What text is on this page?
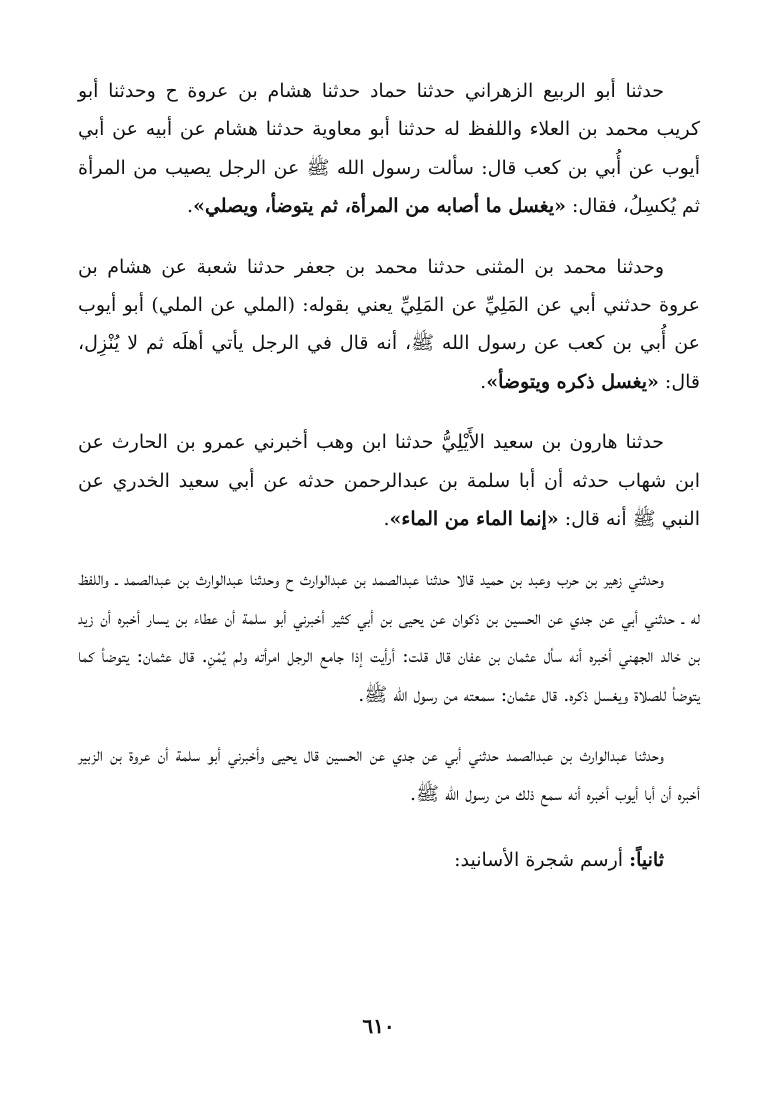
حدثنا أبو الربيع الزهراني حدثنا حماد حدثنا هشام بن عروة ح وحدثنا أبو كريب محمد بن العلاء واللفظ له حدثنا أبو معاوية حدثنا هشام عن أبيه عن أبي أيوب عن أُبي بن كعب قال: سألت رسول الله ﷺ عن الرجل يصيب من المرأة ثم يُكسِلُ، فقال: «يغسل ما أصابه من المرأة، ثم يتوضأ، ويصلي».

وحدثنا محمد بن المثنى حدثنا محمد بن جعفر حدثنا شعبة عن هشام بن عروة حدثني أبي عن المَلِيِّ عن المَلِيِّ يعني بقوله: (الملي عن الملي) أبو أيوب عن أُبي بن كعب عن رسول الله ﷺ، أنه قال في الرجل يأتي أهلَه ثم لا يُنْزِل، قال: «يغسل ذكره ويتوضأ».

حدثنا هارون بن سعيد الأَيْلِيُّ حدثنا ابن وهب أخبرني عمرو بن الحارث عن ابن شهاب حدثه أن أبا سلمة بن عبدالرحمن حدثه عن أبي سعيد الخدري عن النبي ﷺ أنه قال: «إنما الماء من الماء».

وحدثني زهير بن حرب وعبد بن حميد قالا حدثنا عبدالصمد بن عبدالوارث ح وحدثنا عبدالوارث بن عبدالصمد ـ واللفظ له ـ حدثني أبي عن جدي عن الحسين بن ذكوان عن يحيى بن أبي كثير أخبرني أبو سلمة أن عطاء بن يسار أخبره أن زيد بن خالد الجهني أخبره أنه سأل عثمان بن عفان قال قلت: أرأيت إذا جامع الرجل امرأته ولم يُمْنِ. قال عثمان: يتوضأ كما يتوضأ للصلاة ويغسل ذكره. قال عثمان: سمعته من رسول الله ﷺ.

وحدثنا عبدالوارث بن عبدالصمد حدثني أبي عن جدي عن الحسين قال يحيى وأخبرني أبو سلمة أن عروة بن الزبير أخبره أن أبا أيوب أخبره أنه سمع ذلك من رسول الله ﷺ.

ثانياً: أرسم شجرة الأسانيد:

٦١٠
